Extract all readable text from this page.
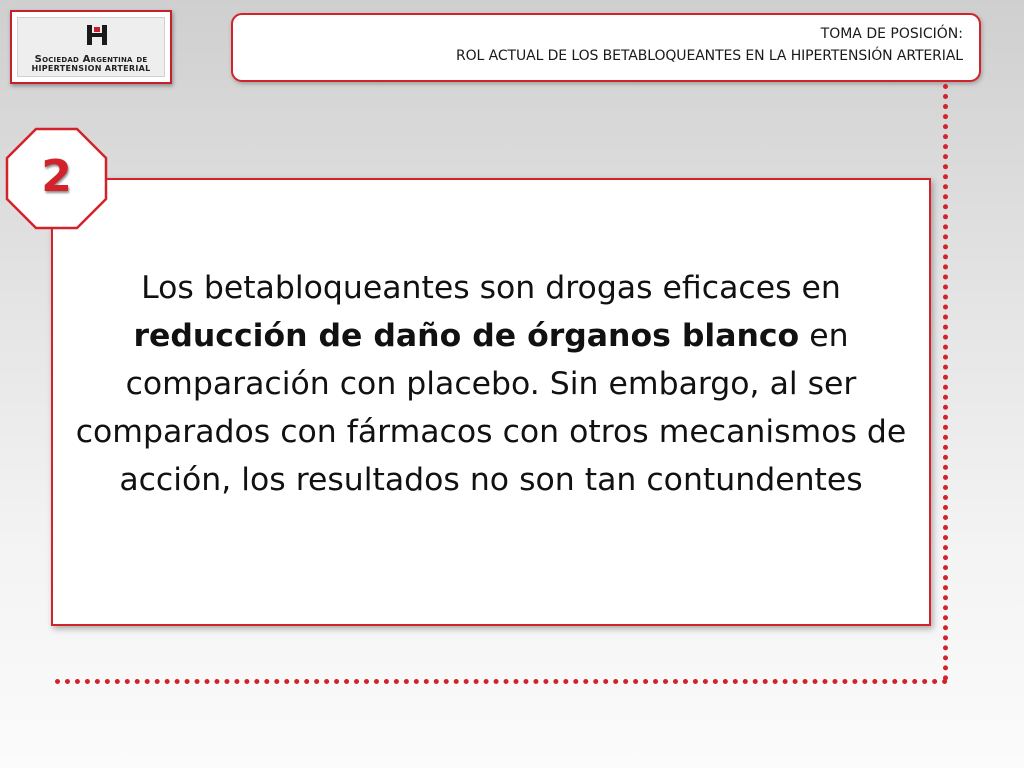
Sociedad Argentina de
HIPERTENSION ARTERIAL
TOMA DE POSICIÓN:
ROL ACTUAL DE LOS BETABLOQUEANTES EN LA HIPERTENSIÓN ARTERIAL
Los betabloqueantes son drogas eficaces en reducción de daño de órganos blanco en comparación con placebo. Sin embargo, al ser comparados con fármacos con otros mecanismos de acción, los resultados no son tan contundentes
2
